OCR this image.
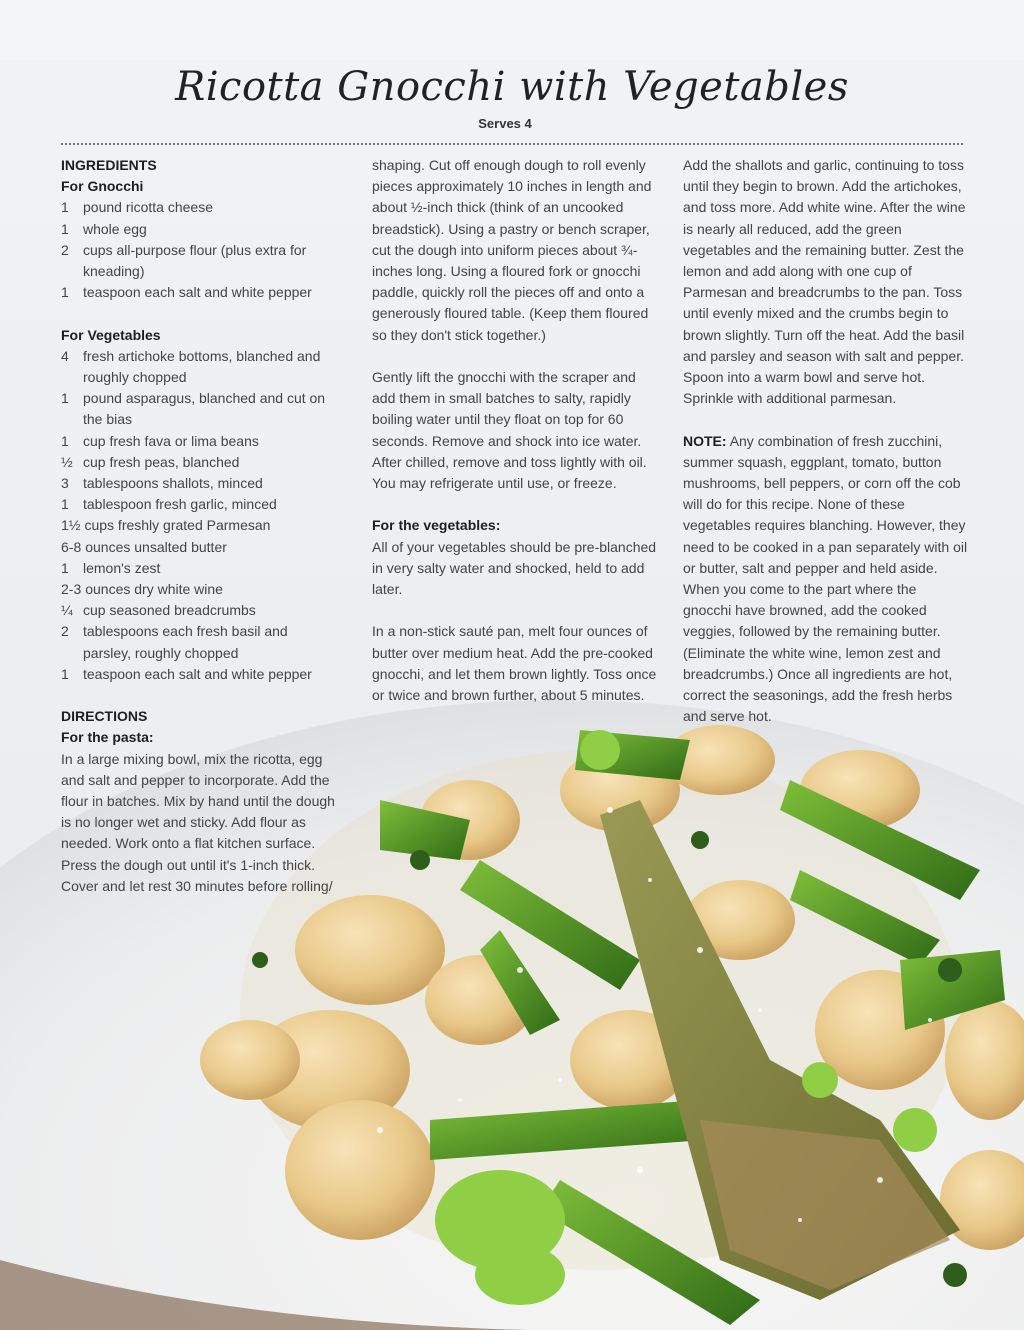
Ricotta Gnocchi with Vegetables
Serves 4
INGREDIENTS
For Gnocchi
1	pound ricotta cheese
1	whole egg
2	cups all-purpose flour (plus extra for kneading)
1	teaspoon each salt and white pepper
For Vegetables
4	fresh artichoke bottoms, blanched and roughly chopped
1	pound asparagus, blanched and cut on the bias
1	cup fresh fava or lima beans
½ cup fresh peas, blanched
3	tablespoons shallots, minced
1	tablespoon fresh garlic, minced
1½ cups freshly grated Parmesan
6-8 ounces unsalted butter
1	lemon's zest
2-3 ounces dry white wine
¼ cup seasoned breadcrumbs
2	tablespoons each fresh basil and parsley, roughly chopped
1	teaspoon each salt and white pepper
DIRECTIONS
For the pasta:

In a large mixing bowl, mix the ricotta, egg and salt and pepper to incorporate. Add the flour in batches. Mix by hand until the dough is no longer wet and sticky. Add flour as needed. Work onto a flat kitchen surface. Press the dough out until it's 1-inch thick. Cover and let rest 30 minutes before rolling/

shaping. Cut off enough dough to roll evenly pieces approximately 10 inches in length and about ½-inch thick (think of an uncooked breadstick). Using a pastry or bench scraper, cut the dough into uniform pieces about ¾-inches long. Using a floured fork or gnocchi paddle, quickly roll the pieces off and onto a generously floured table. (Keep them floured so they don't stick together.)

Gently lift the gnocchi with the scraper and add them in small batches to salty, rapidly boiling water until they float on top for 60 seconds. Remove and shock into ice water. After chilled, remove and toss lightly with oil. You may refrigerate until use, or freeze.

For the vegetables:

All of your vegetables should be pre-blanched in very salty water and shocked, held to add later.

In a non-stick sauté pan, melt four ounces of butter over medium heat. Add the pre-cooked gnocchi, and let them brown lightly. Toss once or twice and brown further, about 5 minutes.

Add the shallots and garlic, continuing to toss until they begin to brown. Add the artichokes, and toss more. Add white wine. After the wine is nearly all reduced, add the green vegetables and the remaining butter. Zest the lemon and add along with one cup of Parmesan and breadcrumbs to the pan. Toss until evenly mixed and the crumbs begin to brown slightly. Turn off the heat. Add the basil and parsley and season with salt and pepper. Spoon into a warm bowl and serve hot. Sprinkle with additional parmesan.

NOTE: Any combination of fresh zucchini, summer squash, eggplant, tomato, button mushrooms, bell peppers, or corn off the cob will do for this recipe. None of these vegetables requires blanching. However, they need to be cooked in a pan separately with oil or butter, salt and pepper and held aside. When you come to the part where the gnocchi have browned, add the cooked veggies, followed by the remaining butter. (Eliminate the white wine, lemon zest and breadcrumbs.) Once all ingredients are hot, correct the seasonings, add the fresh herbs and serve hot.
